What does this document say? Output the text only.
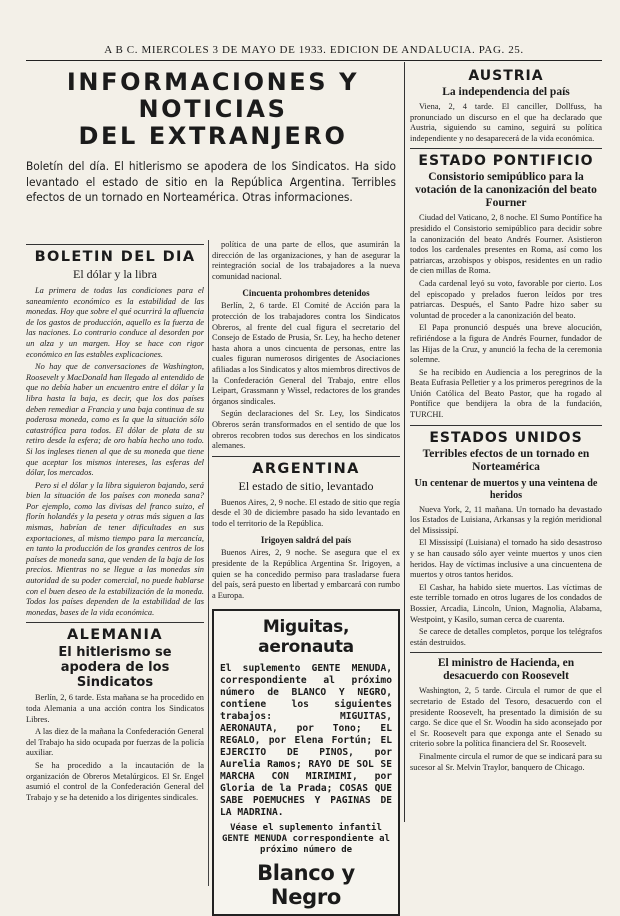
A B C. MIERCOLES 3 DE MAYO DE 1933. EDICION DE ANDALUCIA. PAG. 25.
INFORMACIONES Y NOTICIAS
DEL EXTRANJERO
Boletín del día. El hitlerismo se apodera de los Sindicatos. Ha sido levantado el estado de sitio en la República Argentina. Terribles efectos de un tornado en Norteamérica. Otras informaciones.
BOLETIN DEL DIA
El dólar y la libra

La primera de todas las condiciones para el saneamiento económico es la estabilidad de las monedas. Hoy que sobre el qué ocurrirá la afluencia de los gastos de producción, aquello es la fuerza de las naciones. Lo contrario conduce al desorden por un alza y un margen. Hoy se hace con rigor económico en las estables explicaciones.

No hay que de conversaciones de Washington, Roosevelt y MacDonald han llegado al entendido de que no debía haber un encuentro entre el dólar y la libra hasta la baja, es decir, que los dos países deben remediar a Francia y una baja continua de su poderosa moneda, como es la que la situación sólo catastrófica para todos. El dólar de plata de su retiro desde la esfera; de oro había hecho uno todo. Si los ingleses tienen al que de su moneda que tiene que aceptar los mismos intereses, las esferas del dólar, los mercados.

Pero si el dólar y la libra siguieron bajando, será bien la situación de los países con moneda sana? Por ejemplo, como las divisas del franco suizo, el florín holandés y la peseta y otras más siguen a las mismas, habrían de tener dificultades en sus exportaciones, al mismo tiempo para la mercancía, en tanto la producción de los grandes centros de los países de moneda sana, que venden de la baja de los precios. Mientras no se llegue a las monedas sin autoridad de su poder comercial, no puede hablarse con el buen deseo de la estabilización de la moneda. Todos los países dependen de la estabilidad de las monedas, bases de la vida económica.

ALEMANIA
El hitlerismo se apodera de los Sindicatos

Berlín, 2, 6 tarde. Esta mañana se ha procedido en toda Alemania a una acción contra los Sindicatos Libres.

A las diez de la mañana la Confederación General del Trabajo ha sido ocupada por fuerzas de la policía auxiliar.

Se ha procedido a la incautación de la organización de Obreros Metalúrgicos. El Sr. Engel asumió el control de la Confederación General del Trabajo y se ha detenido a los dirigentes sindicales.

política de una parte de ellos, que asumirán la dirección de las organizaciones, y han de asegurar la reintegración social de los trabajadores a la nueva comunidad nacional.

Cincuenta prohombres detenidos

Berlín, 2, 6 tarde. El Comité de Acción para la protección de los trabajadores contra los Sindicatos Obreros, al frente del cual figura el secretario del Consejo de Estado de Prusia, Sr. Ley, ha hecho detener hasta ahora a unos cincuenta de personas, entre las cuales figuran numerosos dirigentes de Asociaciones afiliadas a los Sindicatos y altos miembros directivos de la Confederación General del Trabajo, entre ellos Leipart, Grassmann y Wissel, redactores de los grandes órganos sindicales.

Según declaraciones del Sr. Ley, los Sindicatos Obreros serán transformados en el sentido de que los obreros recobren todos sus derechos en los sindicatos alemanes.

ARGENTINA
El estado de sitio, levantado

Buenos Aires, 2, 9 noche. El estado de sitio que regía desde el 30 de diciembre pasado ha sido levantado en todo el territorio de la República.

Irigoyen saldrá del país

Buenos Aires, 2, 9 noche. Se asegura que el ex presidente de la República Argentina Sr. Irigoyen, a quien se ha concedido permiso para trasladarse fuera del país, será puesto en libertad y embarcará con rumbo a Europa.

Miguitas, aeronauta
El suplemento GENTE MENUDA, correspondiente al próximo número de BLANCO Y NEGRO, contiene los siguientes trabajos: MIGUITAS, AERONAUTA, por Tono; EL REGALO, por Elena Fortún; EL EJERCITO DE PINOS, por Aurelia Ramos; RAYO DE SOL SE MARCHA CON MIRIMIMI, por Gloria de la Prada; COSAS QUE SABE POEMUCHES Y PAGINAS DE LA MADRINA.
Véase el suplemento infantil GENTE MENUDA correspondiente al próximo número de
Blanco y Negro
AUSTRIA
La independencia del país

Viena, 2, 4 tarde. El canciller, Dollfuss, ha pronunciado un discurso en el que ha declarado que Austria, siguiendo su camino, seguirá su política independiente y no desaparecerá de la vida económica.

ESTADO PONTIFICIO
Consistorio semipúblico para la votación de la canonización del beato Fourner

Ciudad del Vaticano, 2, 8 noche. El Sumo Pontífice ha presidido el Consistorio semipúblico para decidir sobre la canonización del beato Andrés Fourner. Asistieron todos los cardenales presentes en Roma, así como los patriarcas, arzobispos y obispos, residentes en un radio de cien millas de Roma.

Cada cardenal leyó su voto, favorable por cierto. Los del episcopado y prelados fueron leídos por tres patriarcas. Después, el Santo Padre hizo saber su voluntad de proceder a la canonización del beato.

El Papa pronunció después una breve alocución, refiriéndose a la figura de Andrés Fourner, fundador de las Hijas de la Cruz, y anunció la fecha de la ceremonia solemne.

Se ha recibido en Audiencia a los peregrinos de la Beata Eufrasia Pelletier y a los primeros peregrinos de la Unión Católica del Beato Pastor, que ha rogado al Pontífice que bendijera la obra de la fundación, TURCHI.

ESTADOS UNIDOS
Terribles efectos de un tornado en Norteamérica
Un centenar de muertos y una veintena de heridos

Nueva York, 2, 11 mañana. Un tornado ha devastado los Estados de Luisiana, Arkansas y la región meridional del Mississipí.

El Mississipí (Luisiana) el tornado ha sido desastroso y se han causado sólo ayer veinte muertos y unos cien heridos. Hay de víctimas inclusive a una cincuentena de muertos y otros tantos heridos.

El Cashar, ha habido siete muertos. Las víctimas de este terrible tornado en otros lugares de los condados de Bossier, Arcadia, Lincoln, Union, Magnolia, Alabama, Westpoint, y Kasilo, suman cerca de cuarenta.

Se carece de detalles completos, porque los telégrafos están destruidos.

El ministro de Hacienda, en desacuerdo con Roosevelt

Washington, 2, 5 tarde. Circula el rumor de que el secretario de Estado del Tesoro, desacuerdo con el presidente Roosevelt, ha presentado la dimisión de su cargo. Se dice que el Sr. Woodin ha sido aconsejado por el Sr. Roosevelt para que exponga ante el Senado su criterio sobre la política financiera del Sr. Roosevelt.

Finalmente circula el rumor de que se indicará para su sucesor al Sr. Melvin Traylor, banquero de Chicago.
